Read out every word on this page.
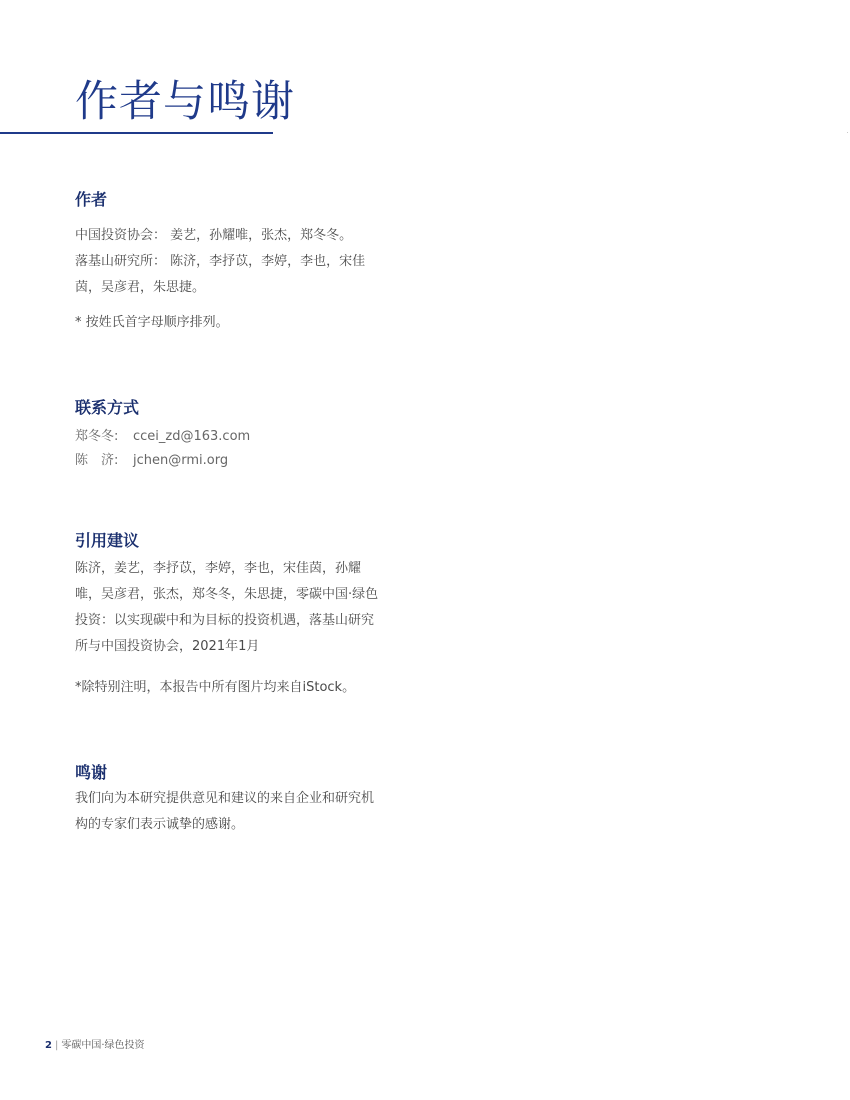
作者与鸣谢
作者
中国投资协会： 姜艺，孙耀唯，张杰，郑冬冬。
落基山研究所： 陈济，李抒苡，李婷，李也，宋佳
茵，吴彦君，朱思捷。
* 按姓氏首字母顺序排列。
联系方式
郑冬冬: ccei_zd@163.com
陈　济: jchen@rmi.org
引用建议
陈济，姜艺，李抒苡，李婷，李也，宋佳茵，孙耀
唯，吴彦君，张杰，郑冬冬，朱思捷，零碳中国·绿色
投资：以实现碳中和为目标的投资机遇，落基山研究
所与中国投资协会，2021年1月
*除特别注明，本报告中所有图片均来自iStock。
鸣谢
我们向为本研究提供意见和建议的来自企业和研究机
构的专家们表示诚挚的感谢。
2 | 零碳中国·绿色投资
